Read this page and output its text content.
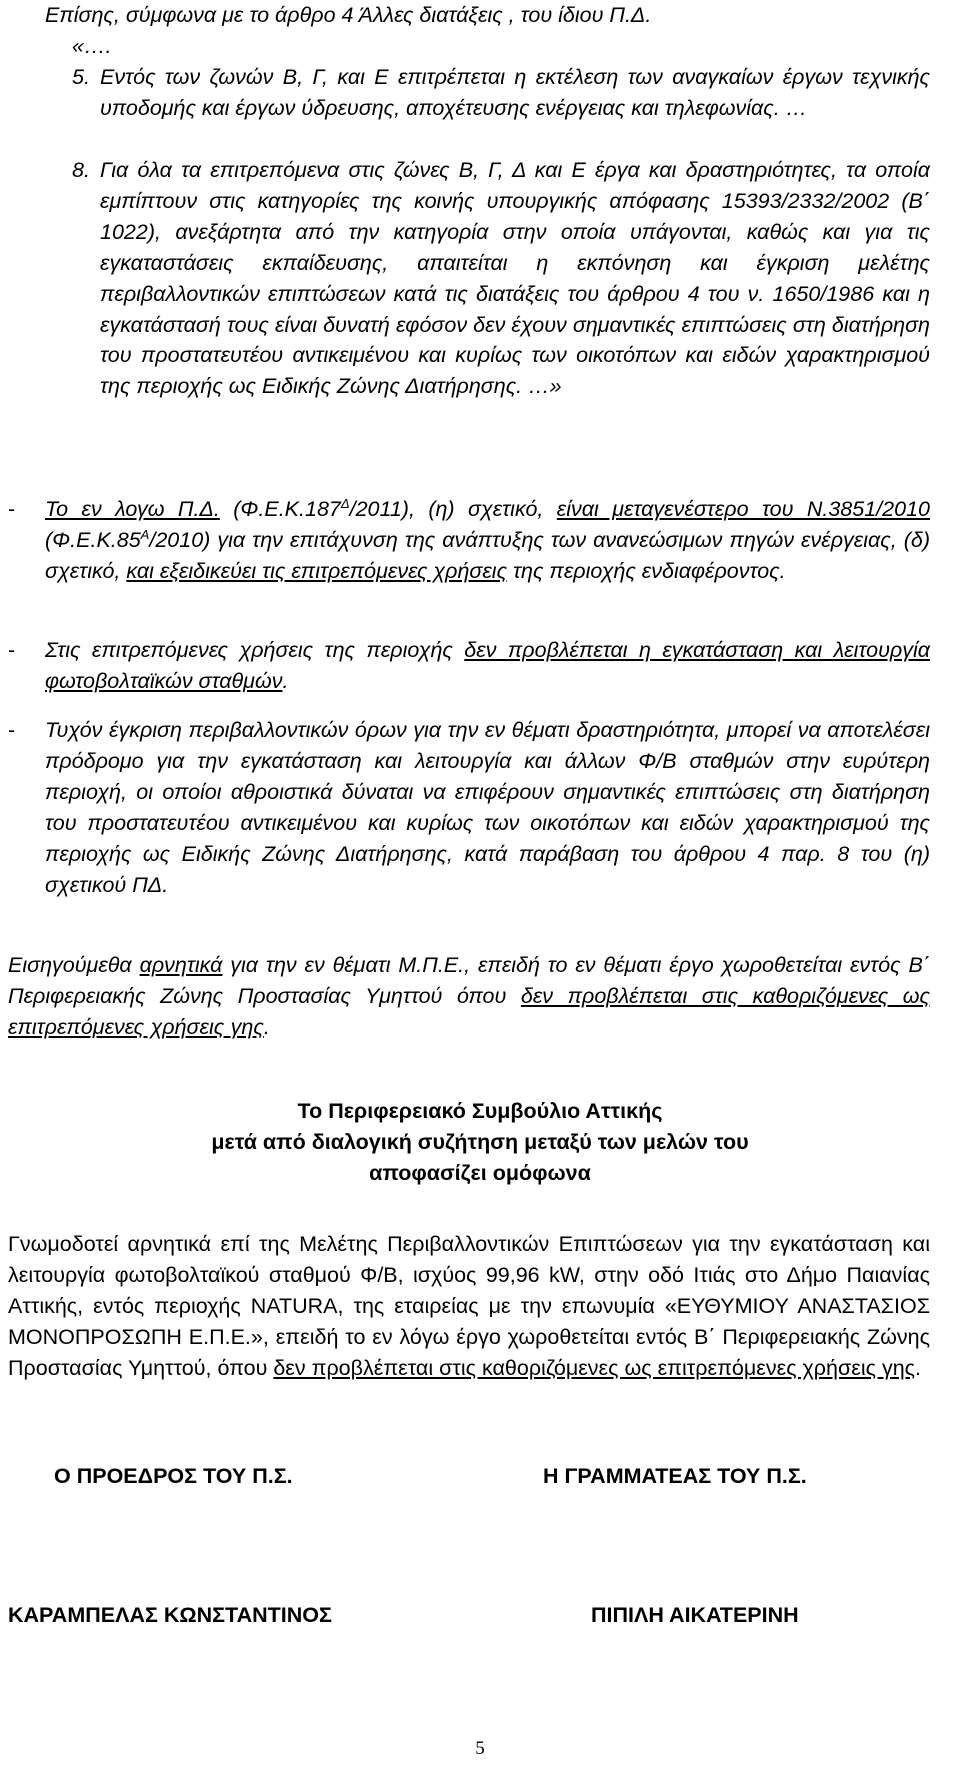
Επίσης, σύμφωνα με το άρθρο 4 Άλλες διατάξεις , του ίδιου Π.Δ.

«….

5. Εντός των ζωνών Β, Γ, και Ε επιτρέπεται η εκτέλεση των αναγκαίων έργων τεχνικής υποδομής και έργων ύδρευσης, αποχέτευσης ενέργειας και τηλεφωνίας. …

8. Για όλα τα επιτρεπόμενα στις ζώνες Β, Γ, Δ και Ε έργα και δραστηριότητες, τα οποία εμπίπτουν στις κατηγορίες της κοινής υπουργικής απόφασης 15393/2332/2002 (Β΄ 1022), ανεξάρτητα από την κατηγορία στην οποία υπάγονται, καθώς και για τις εγκαταστάσεις εκπαίδευσης, απαιτείται η εκπόνηση και έγκριση μελέτης περιβαλλοντικών επιπτώσεων κατά τις διατάξεις του άρθρου 4 του ν. 1650/1986 και η εγκατάστασή τους είναι δυνατή εφόσον δεν έχουν σημαντικές επιπτώσεις στη διατήρηση του προστατευτέου αντικειμένου και κυρίως των οικοτόπων και ειδών χαρακτηρισμού της περιοχής ως Ειδικής Ζώνης Διατήρησης. …»

- Το εν λογω Π.Δ. $(\Phi.E.K.187^\Delta/2011)$, (η) σχετικό, είναι μεταγενέστερο του Ν.3851/2010 $(\Phi.E.K.85^A/2010)$ για την επιτάχυνση της ανάπτυξης των ανανεώσιμων πηγών ενέργειας, (δ) σχετικό, και εξειδικεύει τις επιτρεπόμενες χρήσεις της περιοχής ενδιαφέροντος.

- Στις επιτρεπόμενες χρήσεις της περιοχής δεν προβλέπεται η εγκατάσταση και λειτουργία φωτοβολταϊκών σταθμών.

- Τυχόν έγκριση περιβαλλοντικών όρων για την εν θέματι δραστηριότητα, μπορεί να αποτελέσει πρόδρομο για την εγκατάσταση και λειτουργία και άλλων Φ/Β σταθμών στην ευρύτερη περιοχή, οι οποίοι αθροιστικά δύναται να επιφέρουν σημαντικές επιπτώσεις στη διατήρηση του προστατευτέου αντικειμένου και κυρίως των οικοτόπων και ειδών χαρακτηρισμού της περιοχής ως Ειδικής Ζώνης Διατήρησης, κατά παράβαση του άρθρου 4 παρ. 8 του (η) σχετικού ΠΔ.

Εισηγούμεθα αρνητικά για την εν θέματι Μ.Π.Ε., επειδή το εν θέματι έργο χωροθετείται εντός Β΄ Περιφερειακής Ζώνης Προστασίας Υμηττού όπου δεν προβλέπεται στις καθοριζόμενες ως επιτρεπόμενες χρήσεις γης.

Το Περιφερειακό Συμβούλιο Αττικής

μετά από διαλογική συζήτηση μεταξύ των μελών του

αποφασίζει ομόφωνα

Γνωμοδοτεί αρνητικά επί της Μελέτης Περιβαλλοντικών Επιπτώσεων για την εγκατάσταση και λειτουργία φωτοβολταϊκού σταθμού Φ/Β, ισχύος 99,96 kW, στην οδό Ιτιάς στο Δήμο Παιανίας Αττικής, εντός περιοχής NATURA, της εταιρείας με την επωνυμία «ΕΥΘΥΜΙΟΥ ΑΝΑΣΤΑΣΙΟΣ ΜΟΝΟΠΡΟΣΩΠΗ Ε.Π.Ε.», επειδή το εν λόγω έργο χωροθετείται εντός Β΄ Περιφερειακής Ζώνης Προστασίας Υμηττού, όπου δεν προβλέπεται στις καθοριζόμενες ως επιτρεπόμενες χρήσεις γης.

Ο ΠΡΟΕΔΡΟΣ ΤΟΥ Π.Σ.	Η ΓΡΑΜΜΑΤΕΑΣ ΤΟΥ Π.Σ.

ΚΑΡΑΜΠΕΛΑΣ ΚΩΝΣΤΑΝΤΙΝΟΣ	ΠΙΠΙΛΗ ΑΙΚΑΤΕΡΙΝΗ

5
